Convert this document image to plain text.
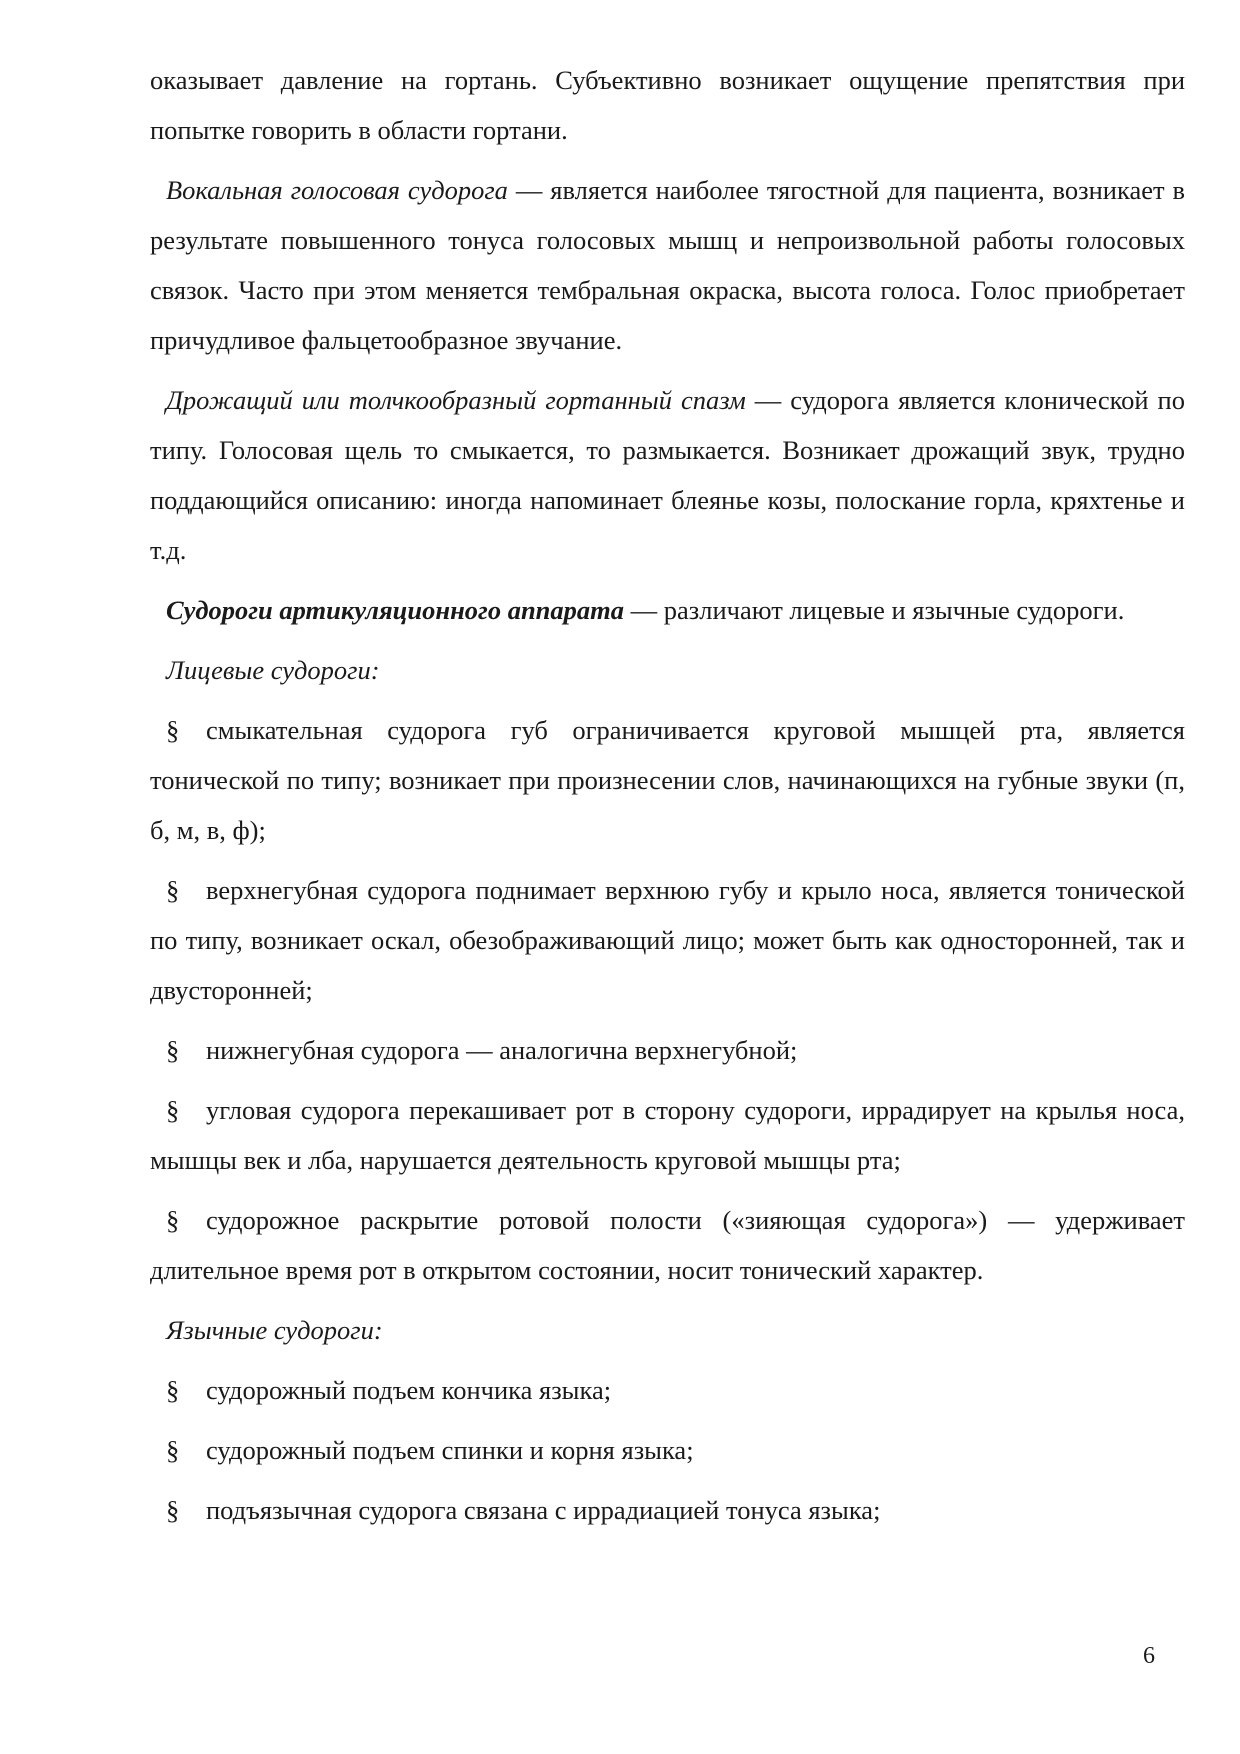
оказывает давление на гортань. Субъективно возникает ощущение препятствия при попытке говорить в области гортани.

Вокальная голосовая судорога — является наиболее тягостной для пациента, возникает в результате повышенного тонуса голосовых мышц и непроизвольной работы голосовых связок. Часто при этом меняется тембральная окраска, высота голоса. Голос приобретает причудливое фальцетообразное звучание.

Дрожащий или толчкообразный гортанный спазм — судорога является клонической по типу. Голосовая щель то смыкается, то размыкается. Возникает дрожащий звук, трудно поддающийся описанию: иногда напоминает блеянье козы, полоскание горла, кряхтенье и т.д.

Судороги артикуляционного аппарата — различают лицевые и язычные судороги.

Лицевые судороги:

§ смыкательная судорога губ ограничивается круговой мышцей рта, является тонической по типу; возникает при произнесении слов, начинающихся на губные звуки (п, б, м, в, ф);

§ верхнегубная судорога поднимает верхнюю губу и крыло носа, является тонической по типу, возникает оскал, обезображивающий лицо; может быть как односторонней, так и двусторонней;

§ нижнегубная судорога — аналогична верхнегубной;

§ угловая судорога перекашивает рот в сторону судороги, иррадирует на крылья носа, мышцы век и лба, нарушается деятельность круговой мышцы рта;

§ судорожное раскрытие ротовой полости («зияющая судорога») — удерживает длительное время рот в открытом состоянии, носит тонический характер.

Язычные судороги:

§ судорожный подъем кончика языка;

§ судорожный подъем спинки и корня языка;

§ подъязычная судорога связана с иррадиацией тонуса языка;

6
